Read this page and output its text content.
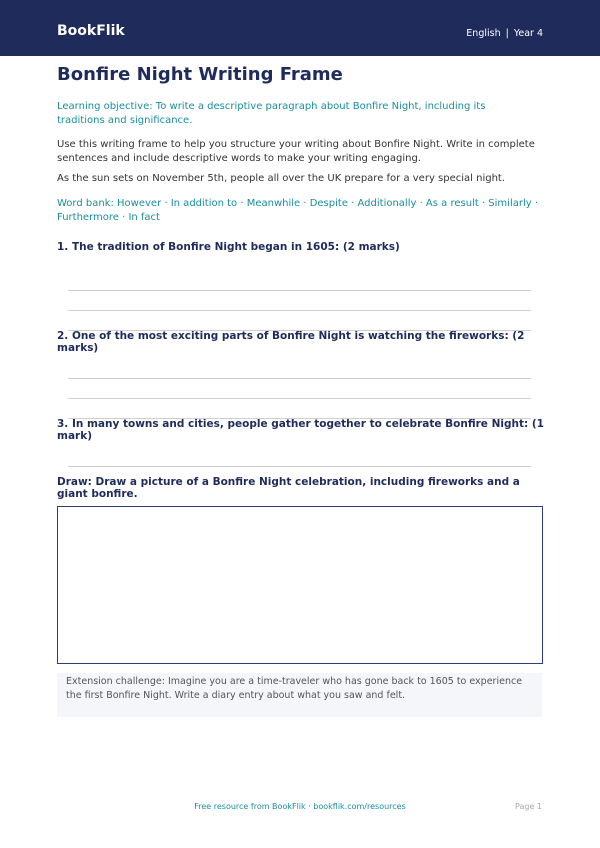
BookFlik	English | Year 4
Bonfire Night Writing Frame
Learning objective: To write a descriptive paragraph about Bonfire Night, including its traditions and significance.
Use this writing frame to help you structure your writing about Bonfire Night. Write in complete sentences and include descriptive words to make your writing engaging.
As the sun sets on November 5th, people all over the UK prepare for a very special night.
Word bank: However · In addition to · Meanwhile · Despite · Additionally · As a result · Similarly · Furthermore · In fact
1. The tradition of Bonfire Night began in 1605: (2 marks)
2. One of the most exciting parts of Bonfire Night is watching the fireworks: (2 marks)
3. In many towns and cities, people gather together to celebrate Bonfire Night: (1 mark)
Draw: Draw a picture of a Bonfire Night celebration, including fireworks and a giant bonfire.
Extension challenge: Imagine you are a time-traveler who has gone back to 1605 to experience the first Bonfire Night. Write a diary entry about what you saw and felt.
Free resource from BookFlik · bookflik.com/resources	Page 1
